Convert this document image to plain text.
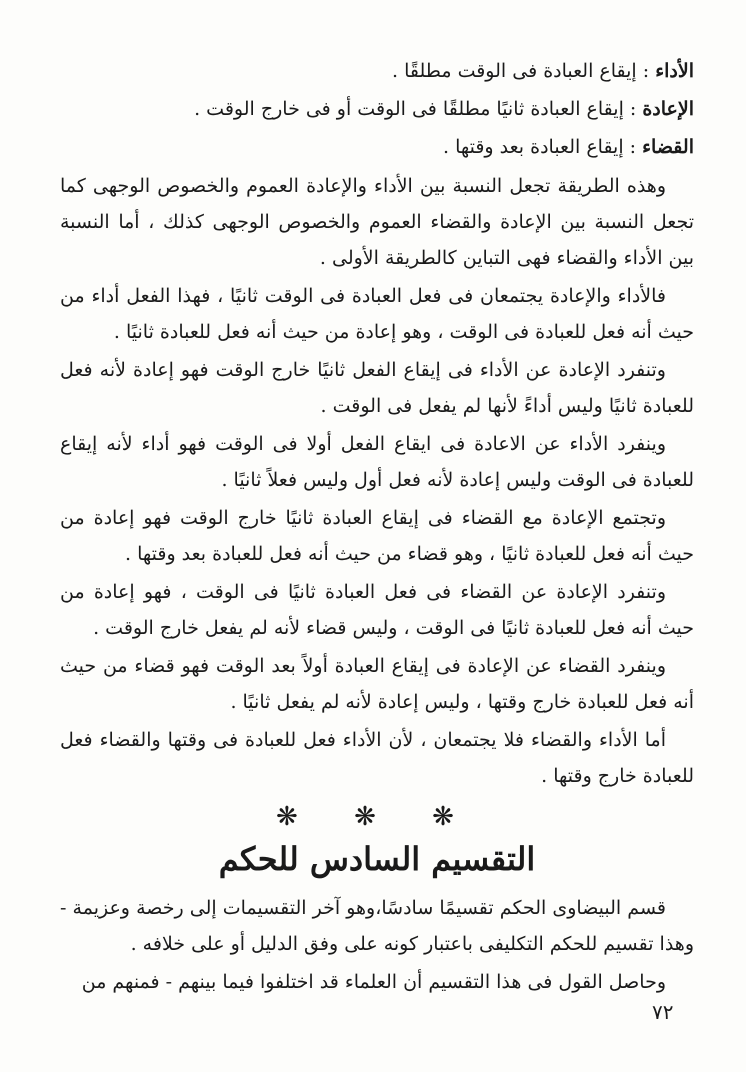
الأداء : إيقاع العبادة فى الوقت مطلقًا .

الإعادة : إيقاع العبادة ثانيًا مطلقًا فى الوقت أو فى خارج الوقت .

القضاء : إيقاع العبادة بعد وقتها .

وهذه الطريقة تجعل النسبة بين الأداء والإعادة العموم والخصوص الوجهى كما تجعل النسبة بين الإعادة والقضاء العموم والخصوص الوجهى كذلك ، أما النسبة بين الأداء والقضاء فهى التباين كالطريقة الأولى .

فالأداء والإعادة يجتمعان فى فعل العبادة فى الوقت ثانيًا ، فهذا الفعل أداء من حيث أنه فعل للعبادة فى الوقت ، وهو إعادة من حيث أنه فعل للعبادة ثانيًا .

وتنفرد الإعادة عن الأداء فى إيقاع الفعل ثانيًا خارج الوقت فهو إعادة لأنه فعل للعبادة ثانيًا وليس أداءً لأنها لم يفعل فى الوقت .

وينفرد الأداء عن الاعادة فى ايقاع الفعل أولا فى الوقت فهو أداء لأنه إيقاع للعبادة فى الوقت وليس إعادة لأنه فعل أول وليس فعلاً ثانيًا .

وتجتمع الإعادة مع القضاء فى إيقاع العبادة ثانيًا خارج الوقت فهو إعادة من حيث أنه فعل للعبادة ثانيًا ، وهو قضاء من حيث أنه فعل للعبادة بعد وقتها .

وتنفرد الإعادة عن القضاء فى فعل العبادة ثانيًا فى الوقت ، فهو إعادة من حيث أنه فعل للعبادة ثانيًا فى الوقت ، وليس قضاء لأنه لم يفعل خارج الوقت .

وينفرد القضاء عن الإعادة فى إيقاع العبادة أولاً بعد الوقت فهو قضاء من حيث أنه فعل للعبادة خارج وقتها ، وليس إعادة لأنه لم يفعل ثانيًا .

أما الأداء والقضاء فلا يجتمعان ، لأن الأداء فعل للعبادة فى وقتها والقضاء فعل للعبادة خارج وقتها .

❋ ❋ ❋

التقسيم السادس للحكم

قسم البيضاوى الحكم تقسيمًا سادسًا،وهو آخر التقسيمات إلى رخصة وعزيمة - وهذا تقسيم للحكم التكليفى باعتبار كونه على وفق الدليل أو على خلافه .

وحاصل القول فى هذا التقسيم أن العلماء قد اختلفوا فيما بينهم - فمنهم من

٧٢
